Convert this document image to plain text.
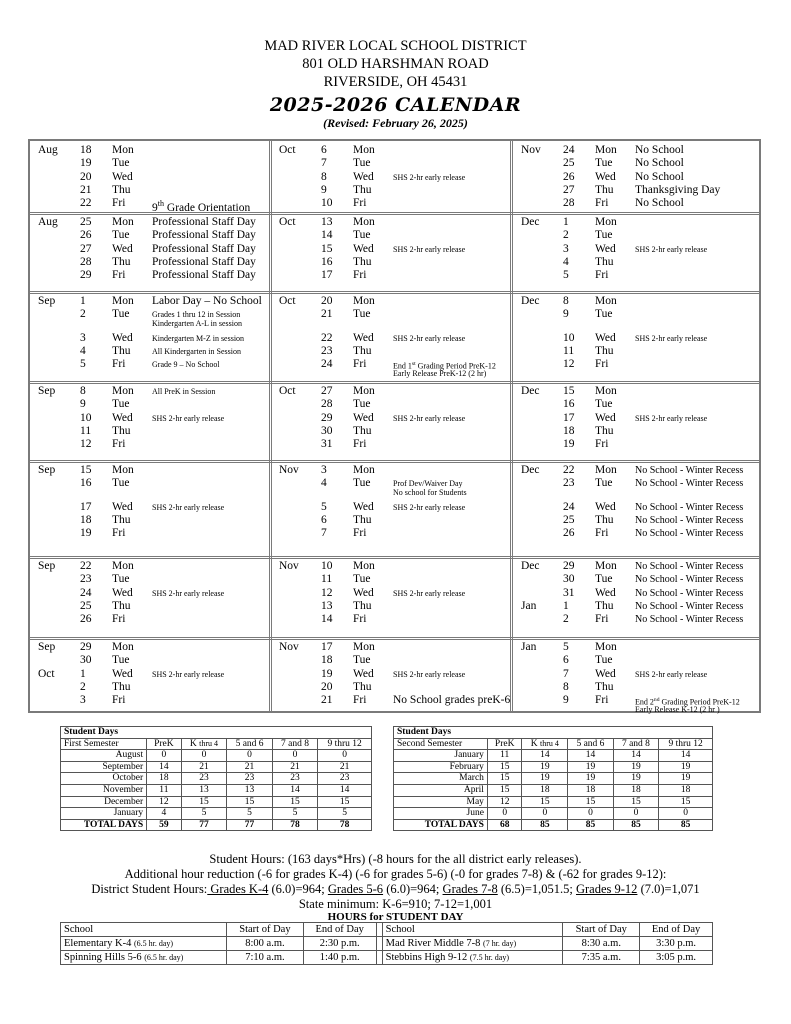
MAD RIVER LOCAL SCHOOL DISTRICT
801 OLD HARSHMAN ROAD
RIVERSIDE, OH 45431
2025-2026 CALENDAR
(Revised: February 26, 2025)
Aug 18 Mon
19 Tue
20 Wed
21 Thu
22 Fri 9th Grade Orientation
Oct 6 Mon
7 Tue
8 Wed SHS 2-hr early release
9 Thu
10 Fri
Nov 24 Mon No School
25 Tue No School
26 Wed No School
27 Thu Thanksgiving Day
28 Fri No School
Aug 25 Mon Professional Staff Day
26 Tue Professional Staff Day
27 Wed Professional Staff Day
28 Thu Professional Staff Day
29 Fri Professional Staff Day
Oct 13 Mon
14 Tue
15 Wed SHS 2-hr early release
16 Thu
17 Fri
Dec 1 Mon
2 Tue
3 Wed SHS 2-hr early release
4 Thu
5 Fri
Sep 1 Mon Labor Day – No School
2 Tue	Grades 1 thru 12 in Session
Kindergarten A-L in session
3 Wed Kindergarten M-Z in session
4 Thu	All Kindergarten in Session
5 Fri	Grade 9 – No School
Oct 20 Mon
21 Tue
22 Wed SHS 2-hr early release
23 Thu
24 Fri	End 1st Grading Period PreK-12
Early Release PreK-12 (2 hr)
Dec 8 Mon
9 Tue
10 Wed SHS 2-hr early release
11 Thu
12 Fri
Sep 8 Mon All PreK in Session
9 Tue
10 Wed SHS 2-hr early release
11 Thu
12 Fri
Oct 27 Mon
28 Tue
29 Wed SHS 2-hr early release
30 Thu
31 Fri
Dec 15 Mon
16 Tue
17 Wed SHS 2-hr early release
18 Thu
19 Fri
Sep 15 Mon
16 Tue
17 Wed SHS 2-hr early release
18 Thu
19 Fri
Nov 3 Mon
4 Tue	Prof Dev/Waiver Day
No school for Students
5 Wed SHS 2-hr early release
6 Thu
7 Fri
Dec 22 Mon No School - Winter Recess
23 Tue No School - Winter Recess
24 Wed No School - Winter Recess
25 Thu No School - Winter Recess
26 Fri	No School - Winter Recess
Sep 22 Mon
23 Tue
24 Wed SHS 2-hr early release
25 Thu
26 Fri
Nov 10 Mon
11 Tue
12 Wed SHS 2-hr early release
13 Thu
14 Fri
Dec 29 Mon No School - Winter Recess
30 Tue No School - Winter Recess
31 Wed No School - Winter Recess
Jan 1 Thu No School - Winter Recess
2 Fri	No School - Winter Recess
Sep 29 Mon
30 Tue
Oct 1 Wed SHS 2-hr early release
2 Thu
3 Fri
Nov 17 Mon
18 Tue
19 Wed SHS 2-hr early release
20 Thu
21 Fri No School grades preK-6
Jan 5 Mon
6 Tue
7 Wed SHS 2-hr early release
8 Thu
9 Fri	End 2nd Grading Period PreK-12
Early Release K-12 (2 hr )
Student Days					
First Semester	PreK	K thru 4	5 and 6	7 and 8	9 thru 12
August	0	0	0	0	0
September	14	21	21	21	21
October	18	23	23	23	23
November	11	13	13	14	14
December	12	15	15	15	15
January	4	5	5	5	5
TOTAL DAYS	59	77	77	78	78
Student Days					
Second Semester	PreK	K thru 4	5 and 6	7 and 8	9 thru 12
January	11	14	14	14	14
February	15	19	19	19	19
March	15	19	19	19	19
April	15	18	18	18	18
May	12	15	15	15	15
June	0	0	0	0	0
TOTAL DAYS	68	85	85	85	85
Student Hours: (163 days*Hrs) (-8 hours for the all district early releases).
Additional hour reduction (-6 for grades K-4) (-6 for grades 5-6) (-0 for grades 7-8) & (-62 for grades 9-12):
District Student Hours: Grades K-4 (6.0)=964; Grades 5-6 (6.0)=964; Grades 7-8 (6.5)=1,051.5; Grades 9-12 (7.0)=1,071
State minimum: K-6=910; 7-12=1,001
HOURS for STUDENT DAY
School	Start of Day	End of Day		School	Start of Day	End of Day
Elementary K-4 (6.5 hr. day)	8:00 a.m.	2:30 p.m.		Mad River Middle 7-8 (7 hr. day)	8:30 a.m.	3:30 p.m.
Spinning Hills 5-6 (6.5 hr. day)	7:10 a.m.	1:40 p.m.		Stebbins High 9-12 (7.5 hr. day)	7:35 a.m.	3:05 p.m.
